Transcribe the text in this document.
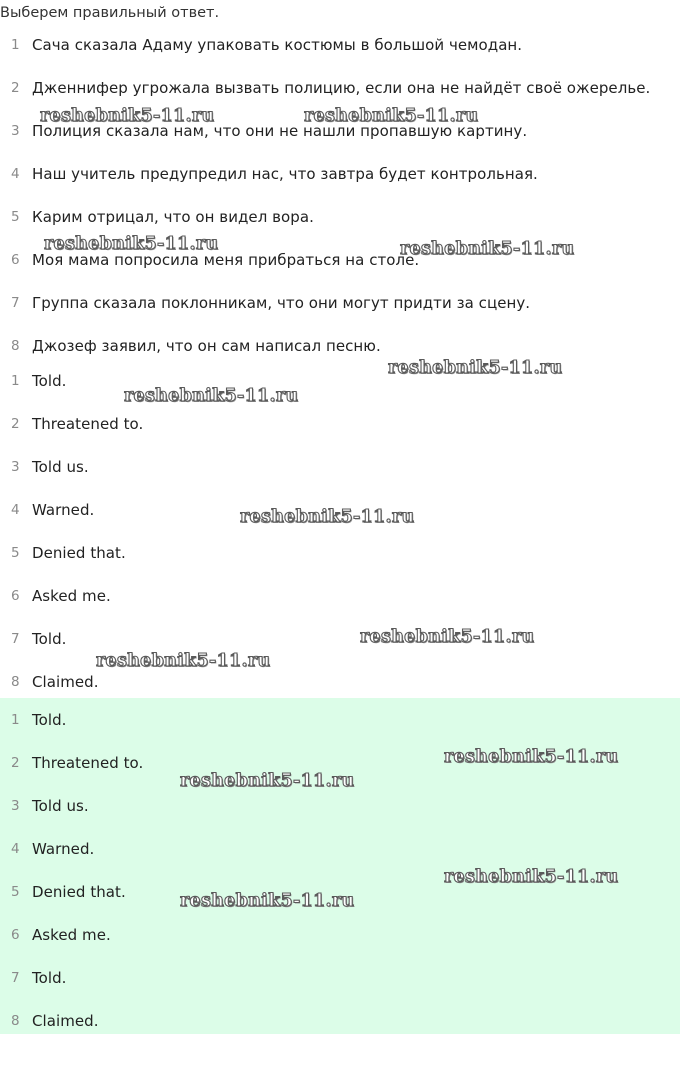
Выберем правильный ответ.
1 Сача сказала Адаму упаковать костюмы в большой чемодан.
2 Дженнифер угрожала вызвать полицию, если она не найдёт своё ожерелье.
3 Полиция сказала нам, что они не нашли пропавшую картину.
4 Наш учитель предупредил нас, что завтра будет контрольная.
5 Карим отрицал, что он видел вора.
6 Моя мама попросила меня прибраться на столе.
7 Группа сказала поклонникам, что они могут придти за сцену.
8 Джозеф заявил, что он сам написал песню.
1 Told.
2 Threatened to.
3 Told us.
4 Warned.
5 Denied that.
6 Asked me.
7 Told.
8 Claimed.
1 Told.
2 Threatened to.
3 Told us.
4 Warned.
5 Denied that.
6 Asked me.
7 Told.
8 Claimed.
reshebnik5-11.ru	reshebnik5-11.ru
reshebnik5-11.ru	reshebnik5-11.ru
reshebnik5-11.ru
reshebnik5-11.ru
reshebnik5-11.ru
reshebnik5-11.ru
reshebnik5-11.ru
reshebnik5-11.ru
reshebnik5-11.ru
reshebnik5-11.ru
reshebnik5-11.ru
